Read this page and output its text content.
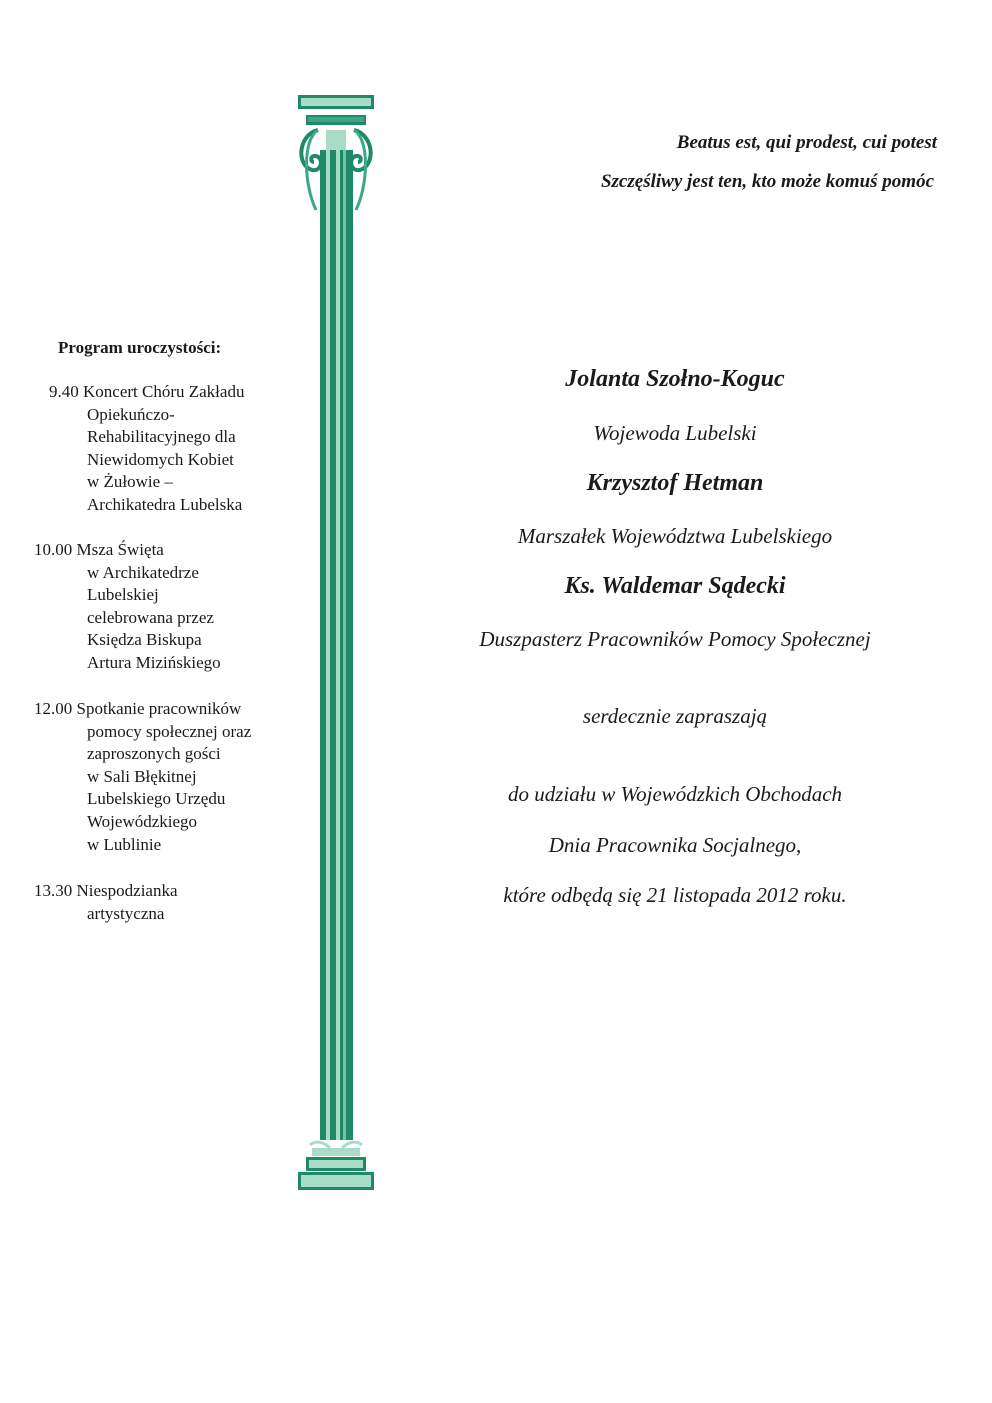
Beatus est, qui prodest, cui potest
Szczęśliwy jest ten, kto może komuś pomóc
Program uroczystości:
9.40 Koncert Chóru Zakładu
Opiekuńczo-
Rehabilitacyjnego dla
Niewidomych Kobiet
w Żułowie –
Archikatedra Lubelska
10.00 Msza Święta
w Archikatedrze
Lubelskiej
celebrowana przez
Księdza Biskupa
Artura Mizińskiego
12.00 Spotkanie pracowników
pomocy społecznej oraz
zaproszonych gości
w Sali Błękitnej
Lubelskiego Urzędu
Wojewódzkiego
w Lublinie
13.30 Niespodzianka
artystyczna
Jolanta Szołno-Koguc
Wojewoda Lubelski
Krzysztof Hetman
Marszałek Województwa Lubelskiego
Ks. Waldemar Sądecki
Duszpasterz Pracowników Pomocy Społecznej
serdecznie zapraszają
do udziału w Wojewódzkich Obchodach
Dnia Pracownika Socjalnego,
które odbędą się 21 listopada 2012 roku.
